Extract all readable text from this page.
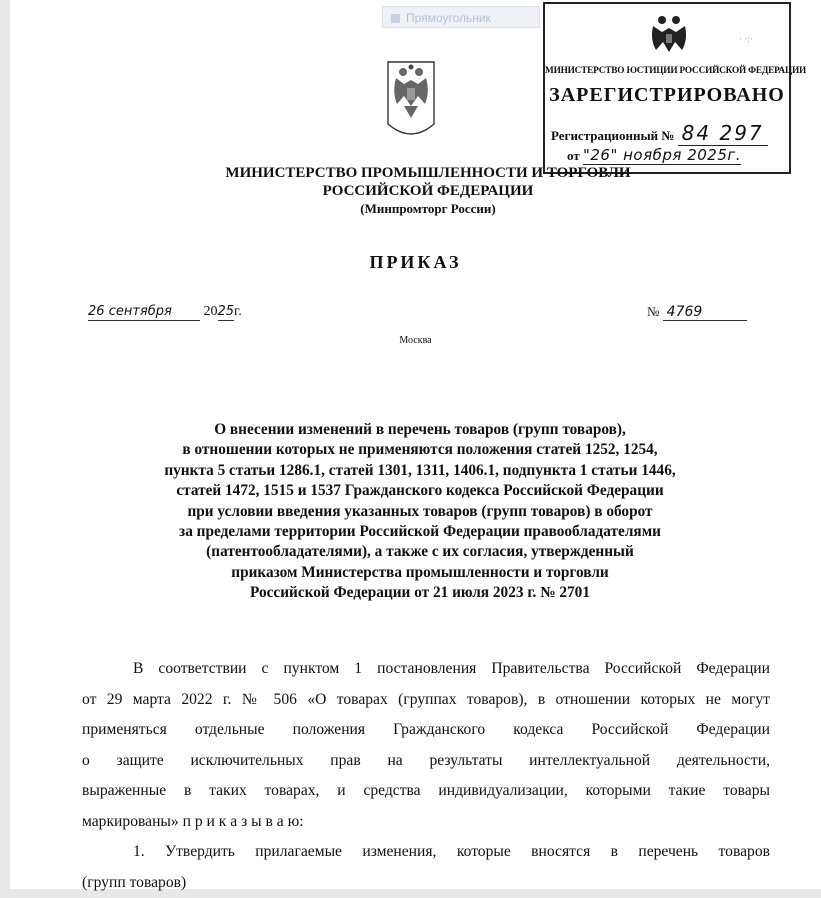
Прямоугольник
· ·:·
МИНИСТЕРСТВО ЮСТИЦИИ РОССИЙСКОЙ ФЕДЕРАЦИИ
ЗАРЕГИСТРИРОВАНО
Регистрационный № 84 297
от "26" ноября 2025г.
МИНИСТЕРСТВО ПРОМЫШЛЕННОСТИ И ТОРГОВЛИ
РОССИЙСКОЙ ФЕДЕРАЦИИ
(Минпромторг России)
ПРИКАЗ
26 сентября 2025г.	№ 4769
Москва
О внесении изменений в перечень товаров (групп товаров),
в отношении которых не применяются положения статей 1252, 1254,
пункта 5 статьи 1286.1, статей 1301, 1311, 1406.1, подпункта 1 статьи 1446,
статей 1472, 1515 и 1537 Гражданского кодекса Российской Федерации
при условии введения указанных товаров (групп товаров) в оборот
за пределами территории Российской Федерации правообладателями
(патентообладателями), а также с их согласия, утвержденный
приказом Министерства промышленности и торговли
Российской Федерации от 21 июля 2023 г. № 2701
В соответствии с пунктом 1 постановления Правительства Российской Федерации
от 29 марта 2022 г. № 506 «О товарах (группах товаров), в отношении которых не могут
применяться отдельные положения Гражданского кодекса Российской Федерации
о защите исключительных прав на результаты интеллектуальной деятельности,
выраженные в таких товарах, и средства индивидуализации, которыми такие товары
маркированы» п р и к а з ы в а ю:
1. Утвердить прилагаемые изменения, которые вносятся в перечень товаров
(групп товаров)
